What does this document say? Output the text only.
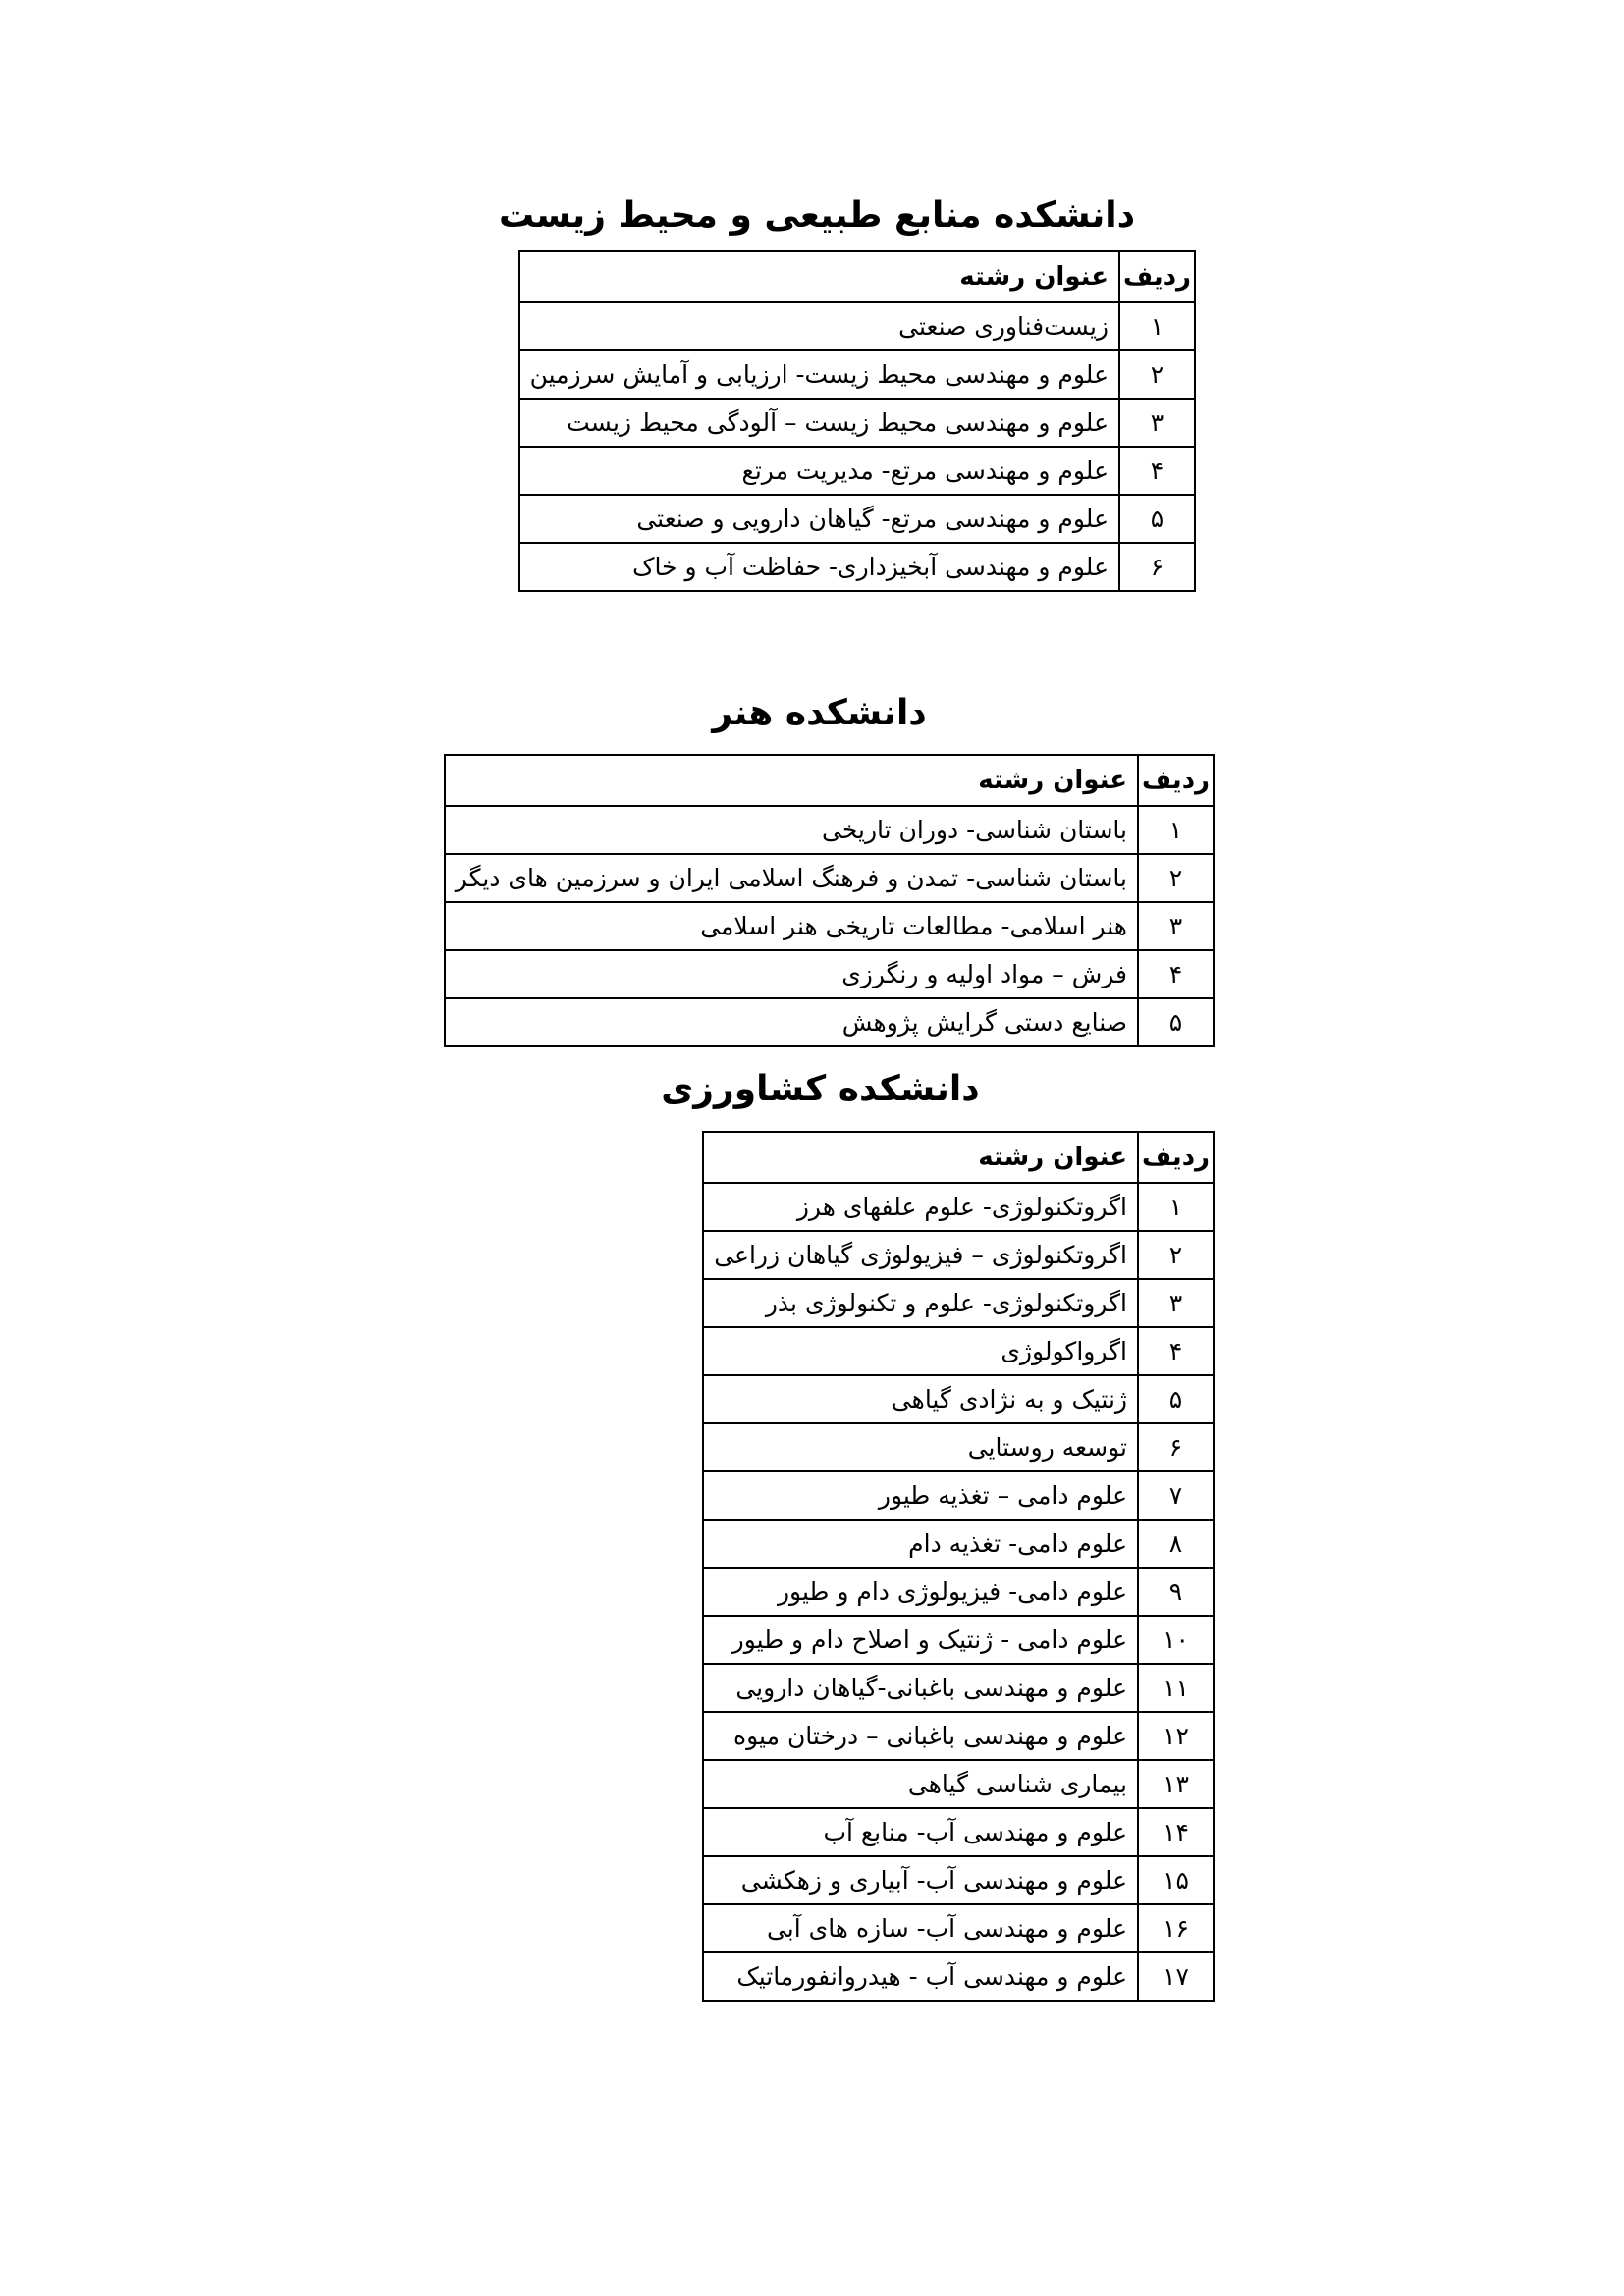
دانشکده منابع طبیعی و محیط زیست
ردیف	عنوان رشته
۱	زیست‌فناوری صنعتی
۲	علوم و مهندسی محیط زیست- ارزیابی و آمایش سرزمین
۳	علوم و مهندسی محیط زیست – آلودگی محیط زیست
۴	علوم و مهندسی مرتع- مدیریت مرتع
۵	علوم و مهندسی مرتع- گیاهان دارویی و صنعتی
۶	علوم و مهندسی آبخیزداری- حفاظت آب و خاک
دانشکده هنر
ردیف	عنوان رشته
۱	باستان شناسی- دوران تاریخی
۲	باستان شناسی- تمدن و فرهنگ اسلامی ایران و سرزمین های دیگر
۳	هنر اسلامی- مطالعات تاریخی هنر اسلامی
۴	فرش – مواد اولیه و رنگرزی
۵	صنایع دستی گرایش پژوهش
دانشکده کشاورزی
ردیف	عنوان رشته
۱	اگروتکنولوژی- علوم علفهای هرز
۲	اگروتکنولوژی – فیزیولوژی گیاهان زراعی
۳	اگروتکنولوژی- علوم و تکنولوژی بذر
۴	اگرواکولوژی
۵	ژنتیک و به نژادی گیاهی
۶	توسعه روستایی
۷	علوم دامی – تغذیه طیور
۸	علوم دامی- تغذیه دام
۹	علوم دامی- فیزیولوژی دام و طیور
۱۰	علوم دامی - ژنتیک و اصلاح دام و طیور
۱۱	علوم و مهندسی باغبانی-گیاهان دارویی
۱۲	علوم و مهندسی باغبانی – درختان میوه
۱۳	بیماری شناسی گیاهی
۱۴	علوم و مهندسی آب- منابع آب
۱۵	علوم و مهندسی آب- آبیاری و زهکشی
۱۶	علوم و مهندسی آب- سازه های آبی
۱۷	علوم و مهندسی آب - هیدروانفورماتیک
